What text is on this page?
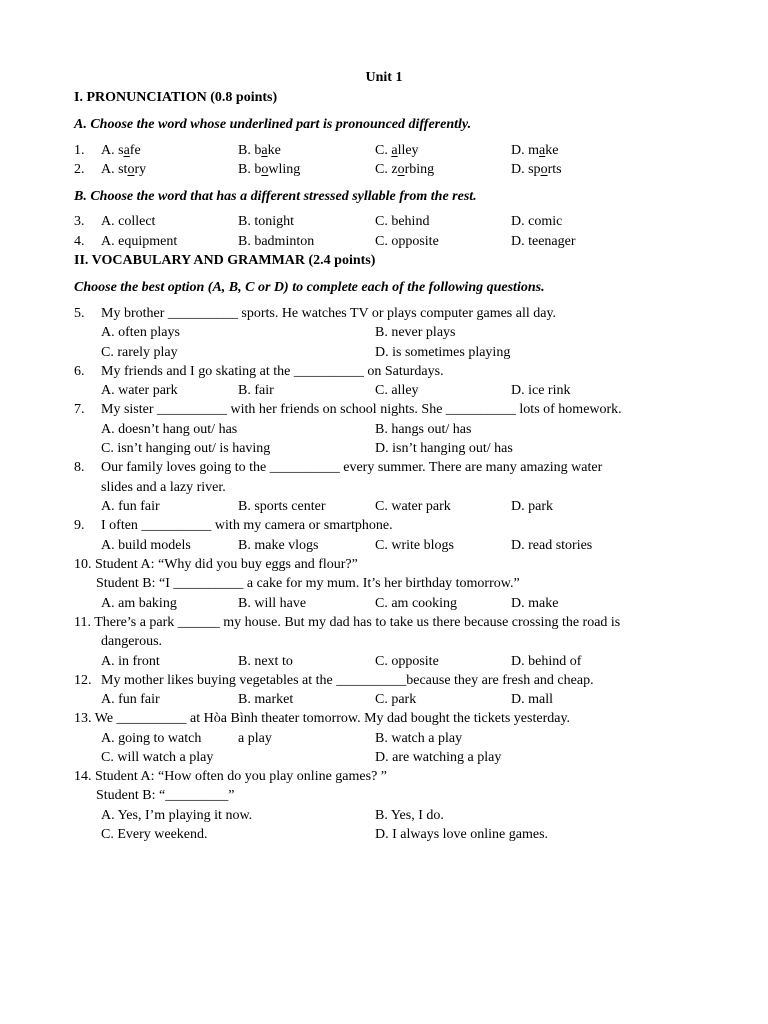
Unit 1
I. PRONUNCIATION (0.8 points)
A. Choose the word whose underlined part is pronounced differently.
1. A. safe	B. bake	C. alley	D. make
2. A. story	B. bowling	C. zorbing	D. sports
B. Choose the word that has a different stressed syllable from the rest.
3. A. collect	B. tonight	C. behind	D. comic
4. A. equipment	B. badminton	C. opposite	D. teenager
II. VOCABULARY AND GRAMMAR (2.4 points)
Choose the best option (A, B, C or D) to complete each of the following questions.
5. My brother __________ sports. He watches TV or plays computer games all day.
A. often plays	B. never plays
C. rarely play	D. is sometimes playing
6. My friends and I go skating at the __________ on Saturdays.
A. water park	B. fair	C. alley	D. ice rink
7. My sister __________ with her friends on school nights. She __________ lots of homework.
A. doesn’t hang out/ has	B. hangs out/ has
C. isn’t hanging out/ is having	D. isn’t hanging out/ has
8. Our family loves going to the __________ every summer. There are many amazing water
slides and a lazy river.
A. fun fair	B. sports center	C. water park	D. park
9. I often __________ with my camera or smartphone.
A. build models	B. make vlogs	C. write blogs	D. read stories
10. Student A: “Why did you buy eggs and flour?”
Student B: “I __________ a cake for my mum. It’s her birthday tomorrow.”
A. am baking	B. will have	C. am cooking	D. make
11. There’s a park ______ my house. But my dad has to take us there because crossing the road is
dangerous.
A. in front	B. next to	C. opposite	D. behind of
12. My mother likes buying vegetables at the __________because they are fresh and cheap.
A. fun fair	B. market	C. park	D. mall
13. We __________ at Hòa Bình theater tomorrow. My dad bought the tickets yesterday.
A. going to watch	a play	B. watch a play
C. will watch a play	D. are watching a play
14. Student A: “How often do you play online games? ”
Student B: “_________”
A. Yes, I’m playing it now.	B. Yes, I do.
C. Every weekend.	D. I always love online games.
